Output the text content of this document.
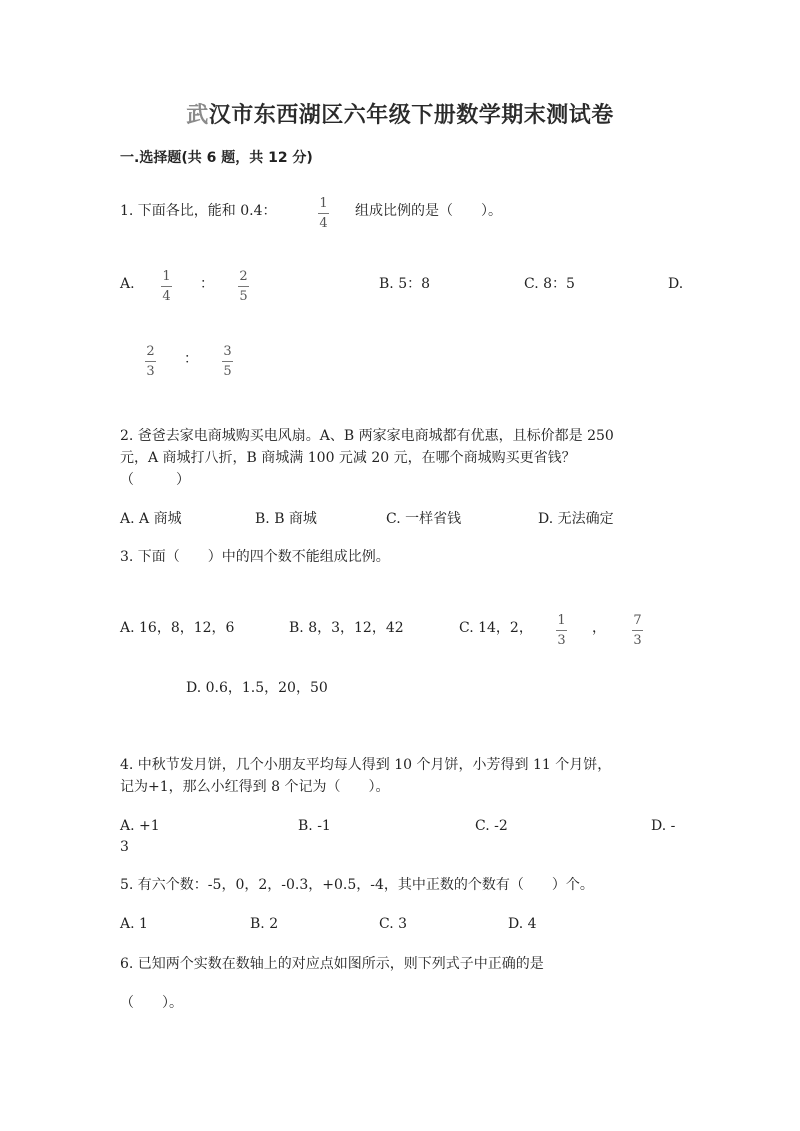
武汉市东西湖区六年级下册数学期末测试卷
一.选择题(共 6 题，共 12 分)
1. 下面各比，能和 0.4：	1
4
组成比例的是（　　）。
A. 1
4
： 2
5
B. 5：8	C. 8：5	D.
2
3
： 3
5
2. 爸爸去家电商城购买电风扇。A、B 两家家电商城都有优惠，且标价都是 250
元，A 商城打八折，B 商城满 100 元减 20 元，在哪个商城购买更省钱？
（　　　）
A. A 商城	B. B 商城	C. 一样省钱	D. 无法确定
3. 下面（　　）中的四个数不能组成比例。
A. 16，8，12，6	B. 8，3，12，42	C. 14，2， 1
3
， 7
3
D. 0.6，1.5，20，50
4. 中秋节发月饼，几个小朋友平均每人得到 10 个月饼，小芳得到 11 个月饼，
记为+1，那么小红得到 8 个记为（　　）。
A. +1	B. -1	C. -2	D. -
3
5. 有六个数：-5，0，2，-0.3，+0.5，-4，其中正数的个数有（　　）个。
A. 1	B. 2	C. 3	D. 4
6. 已知两个实数在数轴上的对应点如图所示，则下列式子中正确的是
（　　）。
